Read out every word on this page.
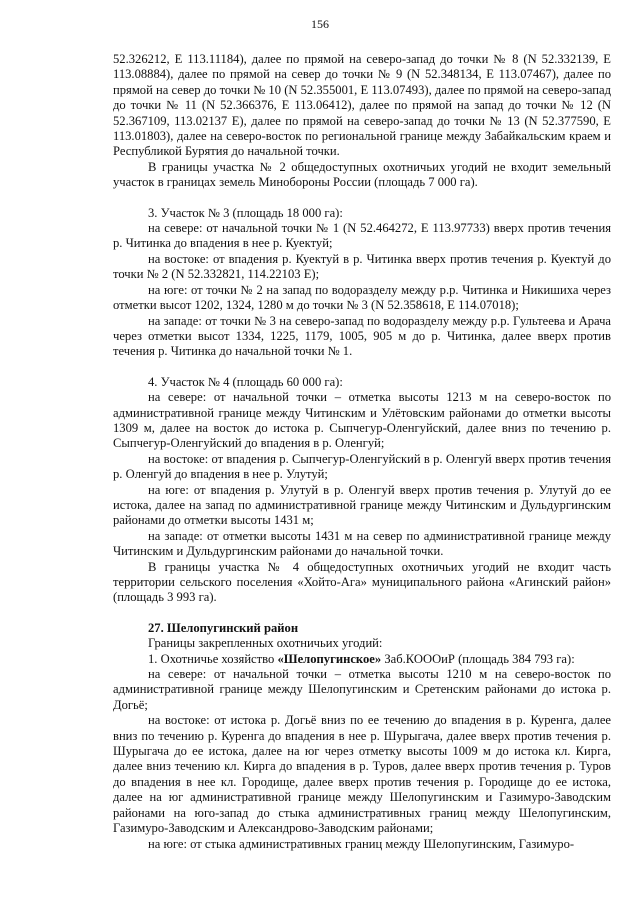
156

52.326212, E 113.11184), далее по прямой на северо-запад до точки № 8 (N 52.332139, E 113.08884), далее по прямой на север до точки № 9 (N 52.348134, E 113.07467), далее по прямой на север до точки № 10 (N 52.355001, E 113.07493), далее по прямой на северо-запад до точки № 11 (N 52.366376, E 113.06412), далее по прямой на запад до точки № 12 (N 52.367109, 113.02137 E), далее по прямой на северо-запад до точки № 13 (N 52.377590, E 113.01803), далее на северо-восток по региональной границе между Забайкальским краем и Республикой Бурятия до начальной точки.

В границы участка № 2 общедоступных охотничьих угодий не входит земельный участок в границах земель Минобороны России (площадь 7 000 га).

3. Участок № 3 (площадь 18 000 га):

на севере: от начальной точки № 1 (N 52.464272, E 113.97733) вверх против течения р. Читинка до впадения в нее р. Куектуй;

на востоке: от впадения р. Куектуй в р. Читинка вверх против течения р. Куектуй до точки № 2 (N 52.332821, 114.22103 E);

на юге: от точки № 2 на запад по водоразделу между р.р. Читинка и Никишиха через отметки высот 1202, 1324, 1280 м до точки № 3 (N 52.358618, E 114.07018);

на западе: от точки № 3 на северо-запад по водоразделу между р.р. Гультеева и Арача через отметки высот 1334, 1225, 1179, 1005, 905 м до р. Читинка, далее вверх против течения р. Читинка до начальной точки № 1.

4. Участок № 4 (площадь 60 000 га):

на севере: от начальной точки – отметка высоты 1213 м на северо-восток по административной границе между Читинским и Улётовским районами до отметки высоты 1309 м, далее на восток до истока р. Сыпчегур-Оленгуйский, далее вниз по течению р. Сыпчегур-Оленгуйский до впадения в р. Оленгуй;

на востоке: от впадения р. Сыпчегур-Оленгуйский в р. Оленгуй вверх против течения р. Оленгуй до впадения в нее р. Улутуй;

на юге: от впадения р. Улутуй в р. Оленгуй вверх против течения р. Улутуй до ее истока, далее на запад по административной границе между Читинским и Дульдургинским районами до отметки высоты 1431 м;

на западе: от отметки высоты 1431 м на север по административной границе между Читинским и Дульдургинским районами до начальной точки.

В границы участка № 4 общедоступных охотничьих угодий не входит часть территории сельского поселения «Хойто-Ага» муниципального района «Агинский район» (площадь 3 993 га).

27. Шелопугинский район

Границы закрепленных охотничьих угодий:

1. Охотничье хозяйство «Шелопугинское» Заб.КОООиР (площадь 384 793 га):

на севере: от начальной точки – отметка высоты 1210 м на северо-восток по административной границе между Шелопугинским и Сретенским районами до истока р. Догьё;

на востоке: от истока р. Догьё вниз по ее течению до впадения в р. Куренга, далее вниз по течению р. Куренга до впадения в нее р. Шурыгача, далее вверх против течения р. Шурыгача до ее истока, далее на юг через отметку высоты 1009 м до истока кл. Кирга, далее вниз течению кл. Кирга до впадения в р. Туров, далее вверх против течения р. Туров до впадения в нее кл. Городище, далее вверх против течения р. Городище до ее истока, далее на юг административной границе между Шелопугинским и Газимуро-Заводским районами на юго-запад до стыка административных границ между Шелопугинским, Газимуро-Заводским и Александрово-Заводским районами;

на юге: от стыка административных границ между Шелопугинским, Газимуро-
